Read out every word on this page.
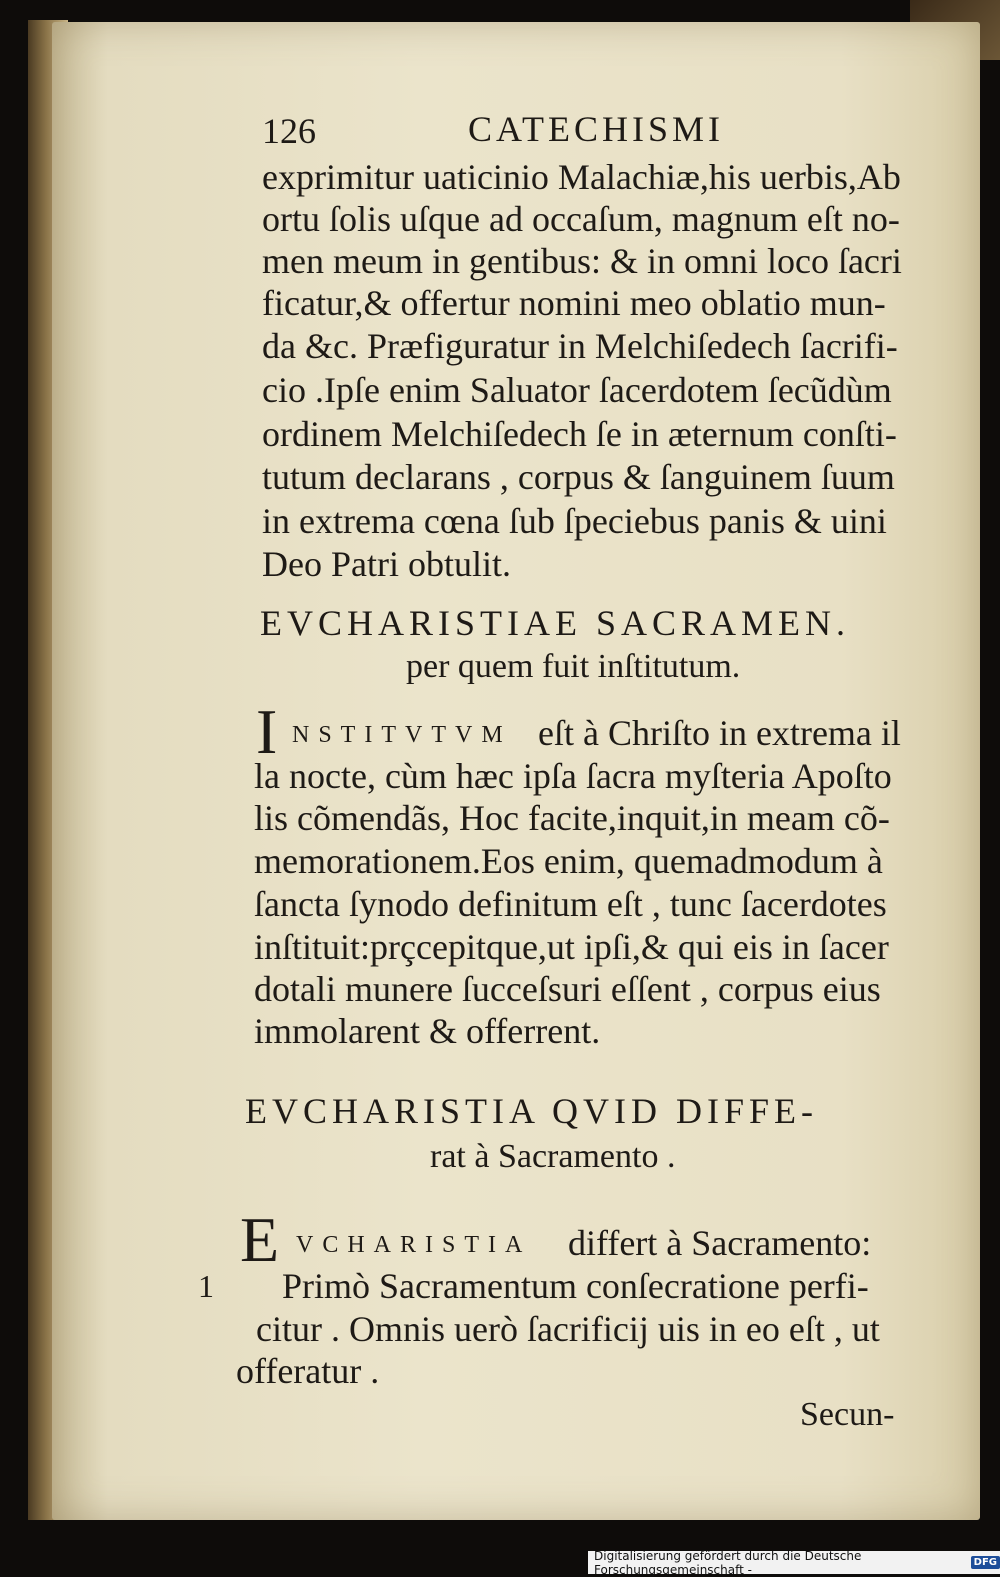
126	CATECHISMI
exprimitur uaticinio Malachiæ,his uerbis,Ab
ortu ſolis uſque ad occaſum, magnum eſt no-
men meum in gentibus: & in omni loco ſacri
ficatur,& offertur nomini meo oblatio mun-
da &c. Præfiguratur in Melchiſedech ſacrifi-
cio .Ipſe enim Saluator ſacerdotem ſecũdùm
ordinem Melchiſedech ſe in æternum conſti-
tutum declarans , corpus & ſanguinem ſuum
in extrema cœna ſub ſpeciebus panis & uini
Deo Patri obtulit.
EVCHARISTIAE SACRAMEN.
per quem fuit inſtitutum.
I NSTITVTVM eſt à Chriſto in extrema il
la nocte, cùm hæc ipſa ſacra myſteria Apoſto
lis cõmendãs, Hoc facite,inquit,in meam cõ-
memorationem.Eos enim, quemadmodum à
ſancta ſynodo definitum eſt , tunc ſacerdotes
inſtituit:prçcepitque,ut ipſi,& qui eis in ſacer
dotali munere ſucceſsuri eſſent , corpus eius
immolarent & offerrent.
EVCHARISTIA QVID DIFFE-
rat à Sacramento .
E VCHARISTIA differt à Sacramento:
1 Primò Sacramentum conſecratione perfi-
citur . Omnis uerò ſacrificij uis in eo eſt , ut
offeratur .
Secun-
Digitalisierung gefördert durch die Deutsche Forschungsgemeinschaft -	DFG
